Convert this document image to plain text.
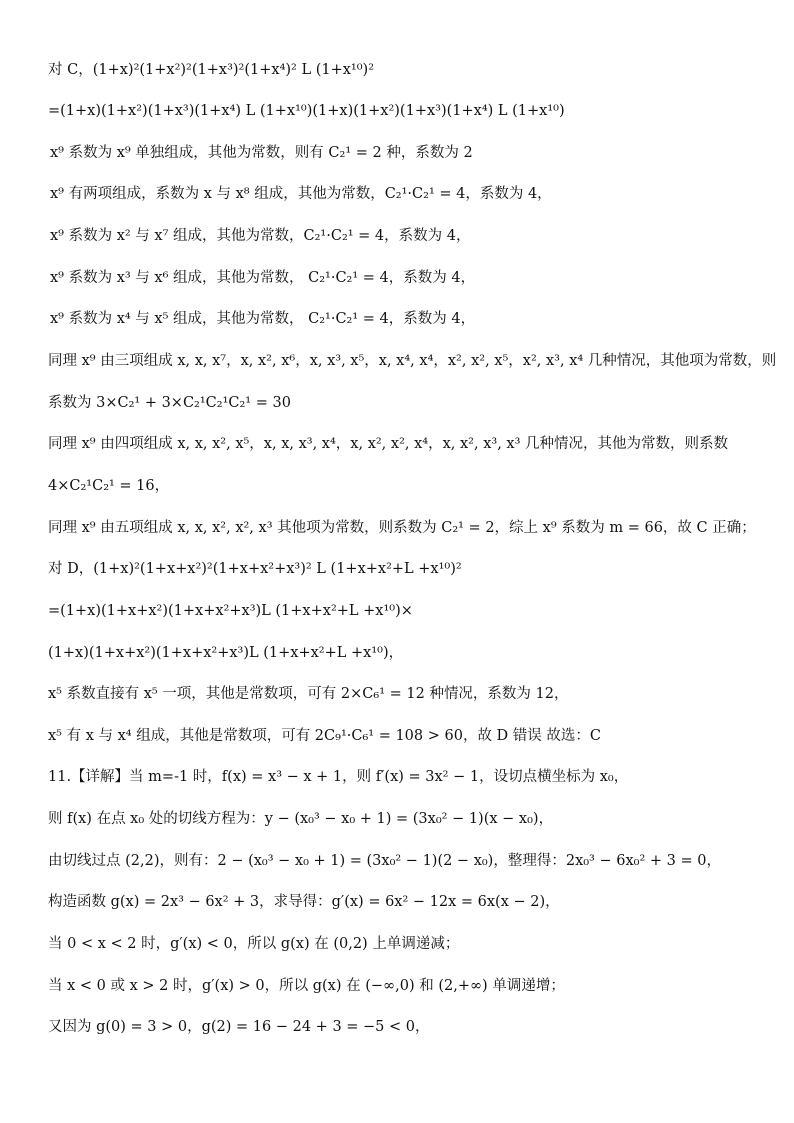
对 C，(1+x)²(1+x²)²(1+x³)²(1+x⁴)² L (1+x¹⁰)²
=(1+x)(1+x²)(1+x³)(1+x⁴) L (1+x¹⁰)(1+x)(1+x²)(1+x³)(1+x⁴) L (1+x¹⁰)
x⁹ 系数为 x⁹ 单独组成，其他为常数，则有 C₂¹ = 2 种，系数为 2
x⁹ 有两项组成，系数为 x 与 x⁸ 组成，其他为常数，C₂¹·C₂¹ = 4，系数为 4，
x⁹ 系数为 x² 与 x⁷ 组成，其他为常数，C₂¹·C₂¹ = 4，系数为 4，
x⁹ 系数为 x³ 与 x⁶ 组成，其他为常数， C₂¹·C₂¹ = 4，系数为 4，
x⁹ 系数为 x⁴ 与 x⁵ 组成，其他为常数， C₂¹·C₂¹ = 4，系数为 4，
同理 x⁹ 由三项组成 x, x, x⁷，x, x², x⁶，x, x³, x⁵，x, x⁴, x⁴，x², x², x⁵，x², x³, x⁴ 几种情况，其他项为常数，则
系数为 3×C₂¹ + 3×C₂¹C₂¹C₂¹ = 30
同理 x⁹ 由四项组成 x, x, x², x⁵，x, x, x³, x⁴，x, x², x², x⁴，x, x², x³, x³ 几种情况，其他为常数，则系数
4×C₂¹C₂¹ = 16，
同理 x⁹ 由五项组成 x, x, x², x², x³ 其他项为常数，则系数为 C₂¹ = 2，综上 x⁹ 系数为 m = 66，故 C 正确；
对 D，(1+x)²(1+x+x²)²(1+x+x²+x³)² L (1+x+x²+L +x¹⁰)²
=(1+x)(1+x+x²)(1+x+x²+x³)L (1+x+x²+L +x¹⁰)×
(1+x)(1+x+x²)(1+x+x²+x³)L (1+x+x²+L +x¹⁰)，
x⁵ 系数直接有 x⁵ 一项，其他是常数项，可有 2×C₆¹ = 12 种情况，系数为 12，
x⁵ 有 x 与 x⁴ 组成，其他是常数项，可有 2C₉¹·C₆¹ = 108 > 60，故 D 错误 故选：C
11.【详解】当 m=-1 时，f(x) = x³ − x + 1，则 f′(x) = 3x² − 1，设切点横坐标为 x₀，
则 f(x) 在点 x₀ 处的切线方程为：y − (x₀³ − x₀ + 1) = (3x₀² − 1)(x − x₀)，
由切线过点 (2,2)，则有：2 − (x₀³ − x₀ + 1) = (3x₀² − 1)(2 − x₀)，整理得：2x₀³ − 6x₀² + 3 = 0，
构造函数 g(x) = 2x³ − 6x² + 3，求导得：g′(x) = 6x² − 12x = 6x(x − 2)，
当 0 < x < 2 时，g′(x) < 0，所以 g(x) 在 (0,2) 上单调递减；
当 x < 0 或 x > 2 时，g′(x) > 0，所以 g(x) 在 (−∞,0) 和 (2,+∞) 单调递增；
又因为 g(0) = 3 > 0，g(2) = 16 − 24 + 3 = −5 < 0，
